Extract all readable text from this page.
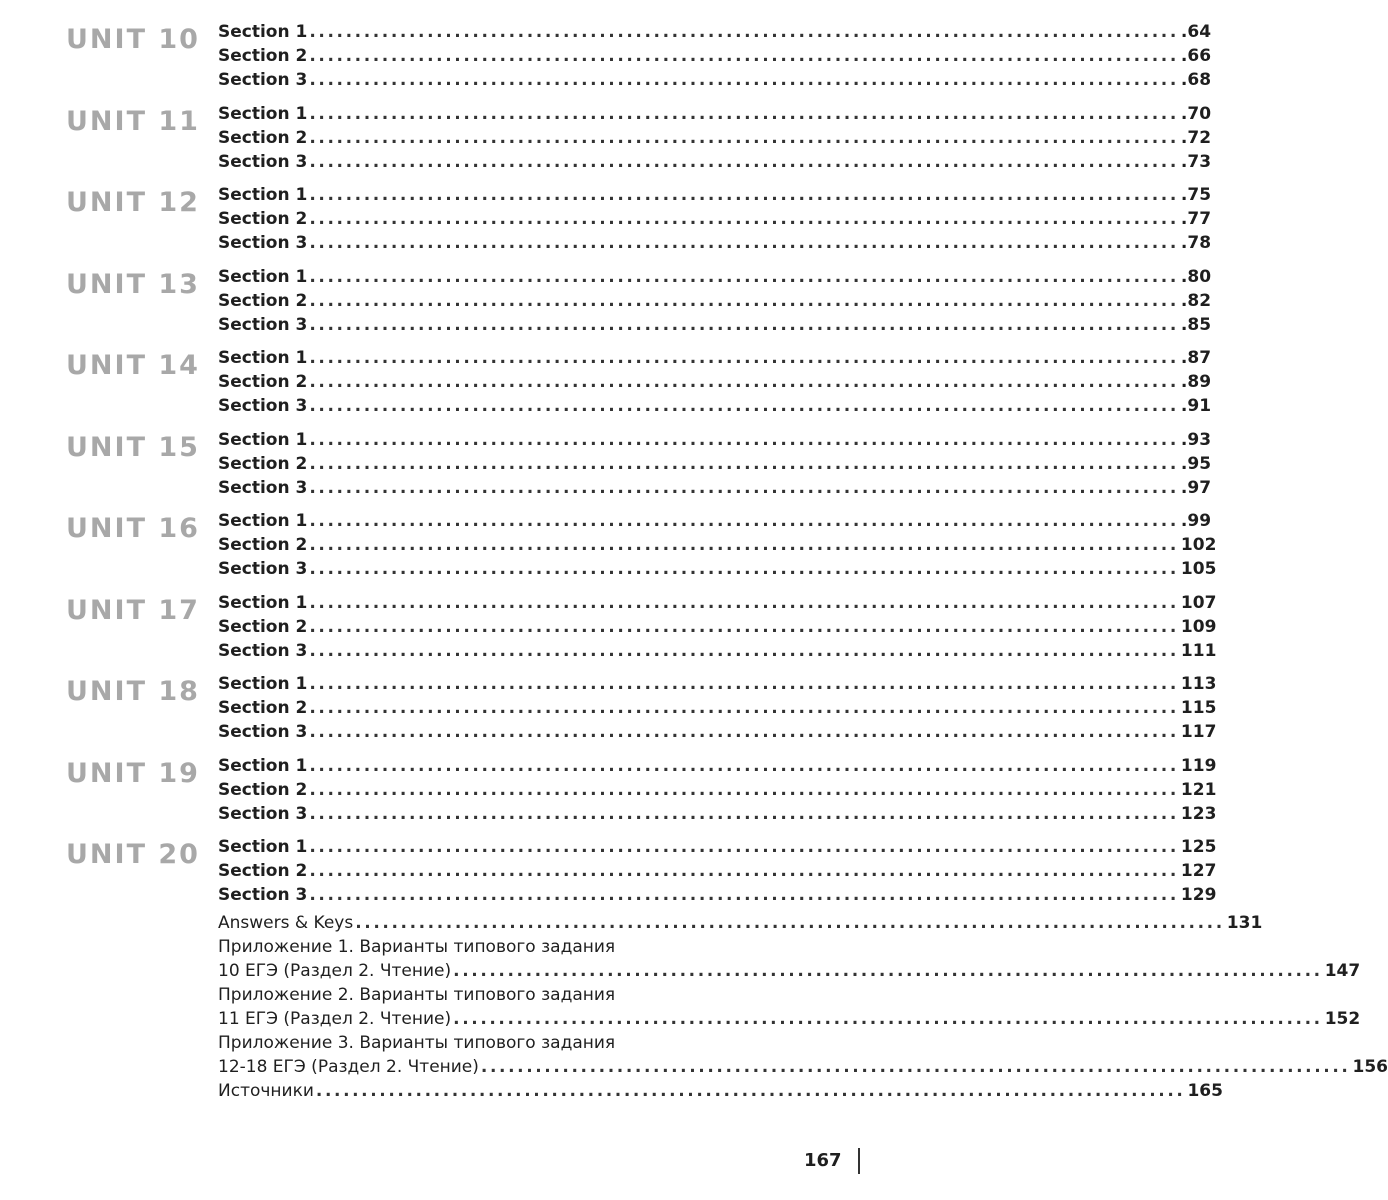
UNIT 10 Section 1 ................................................................................................ .64
Section 2 ................................................................................................ .66
Section 3 ................................................................................................ .68
UNIT 11 Section 1 ................................................................................................ .70
Section 2 ................................................................................................ .72
Section 3 ................................................................................................ .73
UNIT 12 Section 1 ................................................................................................ .75
Section 2 ................................................................................................ .77
Section 3 ................................................................................................ .78
UNIT 13 Section 1 ................................................................................................ .80
Section 2 ................................................................................................ .82
Section 3 ................................................................................................ .85
UNIT 14 Section 1 ................................................................................................ .87
Section 2 ................................................................................................ .89
Section 3 ................................................................................................ .91
UNIT 15 Section 1 ................................................................................................ .93
Section 2 ................................................................................................ .95
Section 3 ................................................................................................ .97
UNIT 16 Section 1 ................................................................................................ .99
Section 2 ................................................................................................ 102
Section 3 ................................................................................................ 105
UNIT 17 Section 1 ................................................................................................ 107
Section 2 ................................................................................................ 109
Section 3 ................................................................................................ 111
UNIT 18 Section 1 ................................................................................................ 113
Section 2 ................................................................................................ 115
Section 3 ................................................................................................ 117
UNIT 19 Section 1 ................................................................................................ 119
Section 2 ................................................................................................ 121
Section 3 ................................................................................................ 123
UNIT 20 Section 1 ................................................................................................ 125
Section 2 ................................................................................................ 127
Section 3 ................................................................................................ 129
Answers & Keys ................................................................................................ 131
Приложение 1. Варианты типового задания
10 ЕГЭ (Раздел 2. Чтение) ................................................................................................ 147
Приложение 2. Варианты типового задания
11 ЕГЭ (Раздел 2. Чтение) ................................................................................................ 152
Приложение 3. Варианты типового задания
12-18 ЕГЭ (Раздел 2. Чтение) ................................................................................................ 156
Источники ................................................................................................ 165
167
